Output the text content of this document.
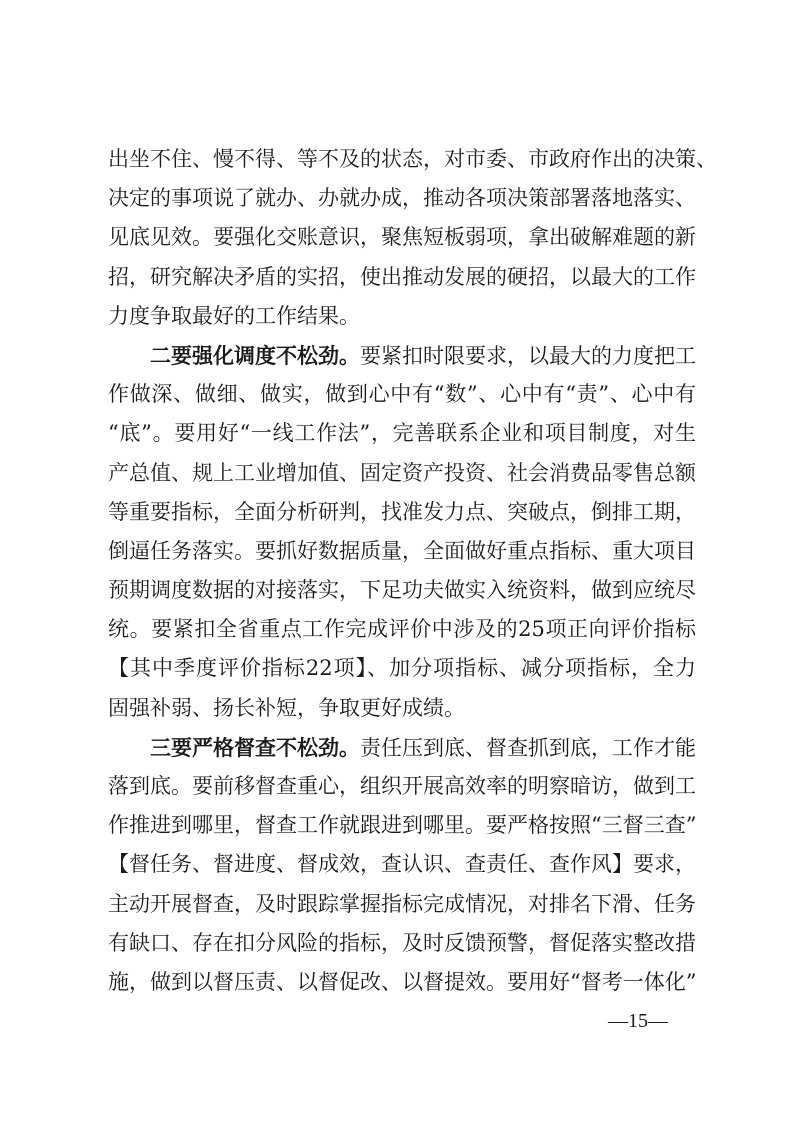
出坐不住、慢不得、等不及的状态，对市委、市政府作出的决策、
决定的事项说了就办、办就办成，推动各项决策部署落地落实、
见底见效。要强化交账意识，聚焦短板弱项，拿出破解难题的新
招，研究解决矛盾的实招，使出推动发展的硬招，以最大的工作
力度争取最好的工作结果。
二要强化调度不松劲。要紧扣时限要求，以最大的力度把工
作做深、做细、做实，做到心中有“数”、心中有“责”、心中有
“底”。要用好“一线工作法”，完善联系企业和项目制度，对生
产总值、规上工业增加值、固定资产投资、社会消费品零售总额
等重要指标，全面分析研判，找准发力点、突破点，倒排工期，
倒逼任务落实。要抓好数据质量，全面做好重点指标、重大项目
预期调度数据的对接落实，下足功夫做实入统资料，做到应统尽
统。要紧扣全省重点工作完成评价中涉及的25项正向评价指标
【其中季度评价指标22项】、加分项指标、减分项指标，全力
固强补弱、扬长补短，争取更好成绩。
三要严格督查不松劲。责任压到底、督查抓到底，工作才能
落到底。要前移督查重心，组织开展高效率的明察暗访，做到工
作推进到哪里，督查工作就跟进到哪里。要严格按照“三督三查”
【督任务、督进度、督成效，查认识、查责任、查作风】要求，
主动开展督查，及时跟踪掌握指标完成情况，对排名下滑、任务
有缺口、存在扣分风险的指标，及时反馈预警，督促落实整改措
施，做到以督压责、以督促改、以督提效。要用好“督考一体化”
—15—
